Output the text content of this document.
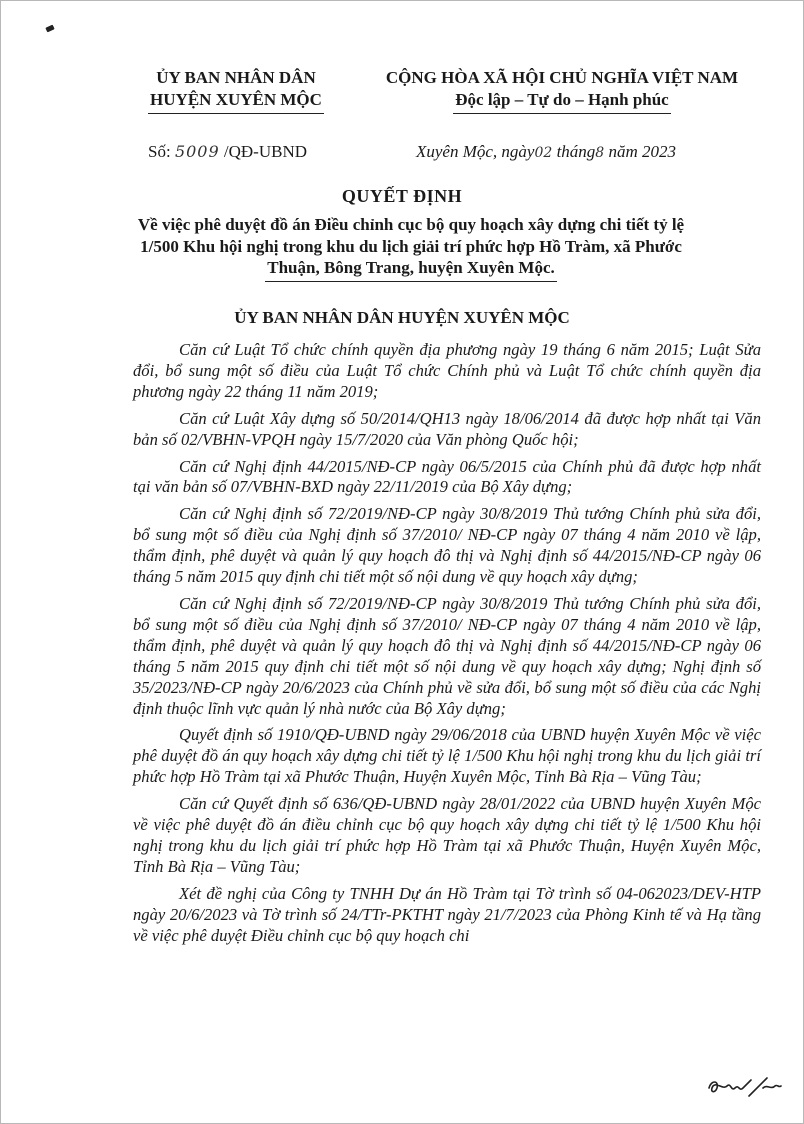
ỦY BAN NHÂN DÂN
HUYỆN XUYÊN MỘC
CỘNG HÒA XÃ HỘI CHỦ NGHĨA VIỆT NAM
Độc lập – Tự do – Hạnh phúc
Số: 5009 /QĐ-UBND	Xuyên Mộc, ngày02 tháng8 năm 2023
QUYẾT ĐỊNH
Về việc phê duyệt đồ án Điều chỉnh cục bộ quy hoạch xây dựng chi tiết tỷ lệ
1/500 Khu hội nghị trong khu du lịch giải trí phức hợp Hồ Tràm, xã Phước
Thuận, Bông Trang, huyện Xuyên Mộc.
ỦY BAN NHÂN DÂN HUYỆN XUYÊN MỘC

Căn cứ Luật Tổ chức chính quyền địa phương ngày 19 tháng 6 năm 2015; Luật Sửa đổi, bổ sung một số điều của Luật Tổ chức Chính phủ và Luật Tổ chức chính quyền địa phương ngày 22 tháng 11 năm 2019;

Căn cứ Luật Xây dựng số 50/2014/QH13 ngày 18/06/2014 đã được hợp nhất tại Văn bản số 02/VBHN-VPQH ngày 15/7/2020 của Văn phòng Quốc hội;

Căn cứ Nghị định 44/2015/NĐ-CP ngày 06/5/2015 của Chính phủ đã được hợp nhất tại văn bản số 07/VBHN-BXD ngày 22/11/2019 của Bộ Xây dựng;

Căn cứ Nghị định số 72/2019/NĐ-CP ngày 30/8/2019 Thủ tướng Chính phủ sửa đổi, bổ sung một số điều của Nghị định số 37/2010/ NĐ-CP ngày 07 tháng 4 năm 2010 về lập, thẩm định, phê duyệt và quản lý quy hoạch đô thị và Nghị định số 44/2015/NĐ-CP ngày 06 tháng 5 năm 2015 quy định chi tiết một số nội dung về quy hoạch xây dựng;

Căn cứ Nghị định số 72/2019/NĐ-CP ngày 30/8/2019 Thủ tướng Chính phủ sửa đổi, bổ sung một số điều của Nghị định số 37/2010/ NĐ-CP ngày 07 tháng 4 năm 2010 về lập, thẩm định, phê duyệt và quản lý quy hoạch đô thị và Nghị định số 44/2015/NĐ-CP ngày 06 tháng 5 năm 2015 quy định chi tiết một số nội dung về quy hoạch xây dựng; Nghị định số 35/2023/NĐ-CP ngày 20/6/2023 của Chính phủ về sửa đổi, bổ sung một số điều của các Nghị định thuộc lĩnh vực quản lý nhà nước của Bộ Xây dựng;

Quyết định số 1910/QĐ-UBND ngày 29/06/2018 của UBND huyện Xuyên Mộc về việc phê duyệt đồ án quy hoạch xây dựng chi tiết tỷ lệ 1/500 Khu hội nghị trong khu du lịch giải trí phức hợp Hồ Tràm tại xã Phước Thuận, Huyện Xuyên Mộc, Tỉnh Bà Rịa – Vũng Tàu;

Căn cứ Quyết định số 636/QĐ-UBND ngày 28/01/2022 của UBND huyện Xuyên Mộc về việc phê duyệt đồ án điều chỉnh cục bộ quy hoạch xây dựng chi tiết tỷ lệ 1/500 Khu hội nghị trong khu du lịch giải trí phức hợp Hồ Tràm tại xã Phước Thuận, Huyện Xuyên Mộc, Tỉnh Bà Rịa – Vũng Tàu;

Xét đề nghị của Công ty TNHH Dự án Hồ Tràm tại Tờ trình số 04-062023/DEV-HTP ngày 20/6/2023 và Tờ trình số 24/TTr-PKTHT ngày 21/7/2023 của Phòng Kinh tế và Hạ tầng về việc phê duyệt Điều chỉnh cục bộ quy hoạch chi
